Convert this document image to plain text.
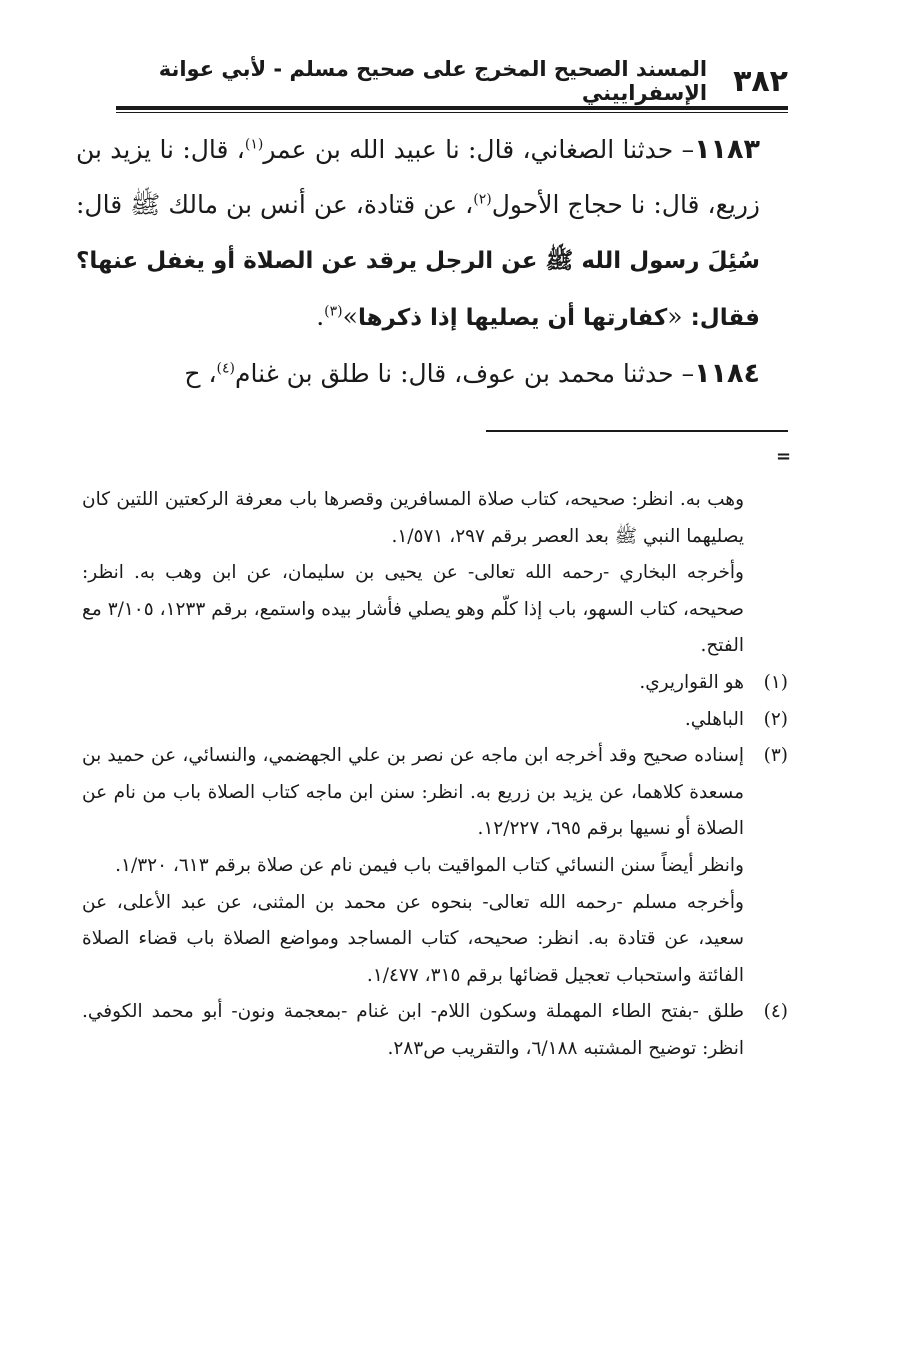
٣٨٢
المسند الصحيح المخرج على صحيح مسلم - لأبي عوانة الإسفراييني

١١٨٣– حدثنا الصغاني، قال: نا عبيد الله بن عمر$^{(١)}$، قال: نا يزيد بن زريع، قال: نا حجاج الأحول$^{(٢)}$، عن قتادة، عن أنس بن مالك ﷺ قال: سُئِلَ رسول الله ﷺ عن الرجل يرقد عن الصلاة أو يغفل عنها؟ فقال: «كفارتها أن يصليها إذا ذكرها»$^{(٣)}$.

١١٨٤– حدثنا محمد بن عوف، قال: نا طلق بن غنام$^{(٤)}$، ح

=

وهب به. انظر: صحيحه، كتاب صلاة المسافرين وقصرها باب معرفة الركعتين اللتين كان يصليهما النبي ﷺ بعد العصر برقم ٢٩٧، ١/٥٧١.

وأخرجه البخاري -رحمه الله تعالى- عن يحيى بن سليمان، عن ابن وهب به. انظر: صحيحه، كتاب السهو، باب إذا كلّم وهو يصلي فأشار بيده واستمع، برقم ١٢٣٣، ٣/١٠٥ مع الفتح.

(١)

هو القواريري.

(٢)

الباهلي.

(٣)

إسناده صحيح وقد أخرجه ابن ماجه عن نصر بن علي الجهضمي، والنسائي، عن حميد بن مسعدة كلاهما، عن يزيد بن زريع به. انظر: سنن ابن ماجه كتاب الصلاة باب من نام عن الصلاة أو نسيها برقم ٦٩٥، ١٢/٢٢٧.

وانظر أيضاً سنن النسائي كتاب المواقيت باب فيمن نام عن صلاة برقم ٦١٣، ١/٣٢٠.

وأخرجه مسلم -رحمه الله تعالى- بنحوه عن محمد بن المثنى، عن عبد الأعلى، عن سعيد، عن قتادة به. انظر: صحيحه، كتاب المساجد ومواضع الصلاة باب قضاء الصلاة الفائتة واستحباب تعجيل قضائها برقم ٣١٥، ١/٤٧٧.

(٤)

طلق -بفتح الطاء المهملة وسكون اللام- ابن غنام -بمعجمة ونون- أبو محمد الكوفي. انظر: توضيح المشتبه ٦/١٨٨، والتقريب ص٢٨٣.
